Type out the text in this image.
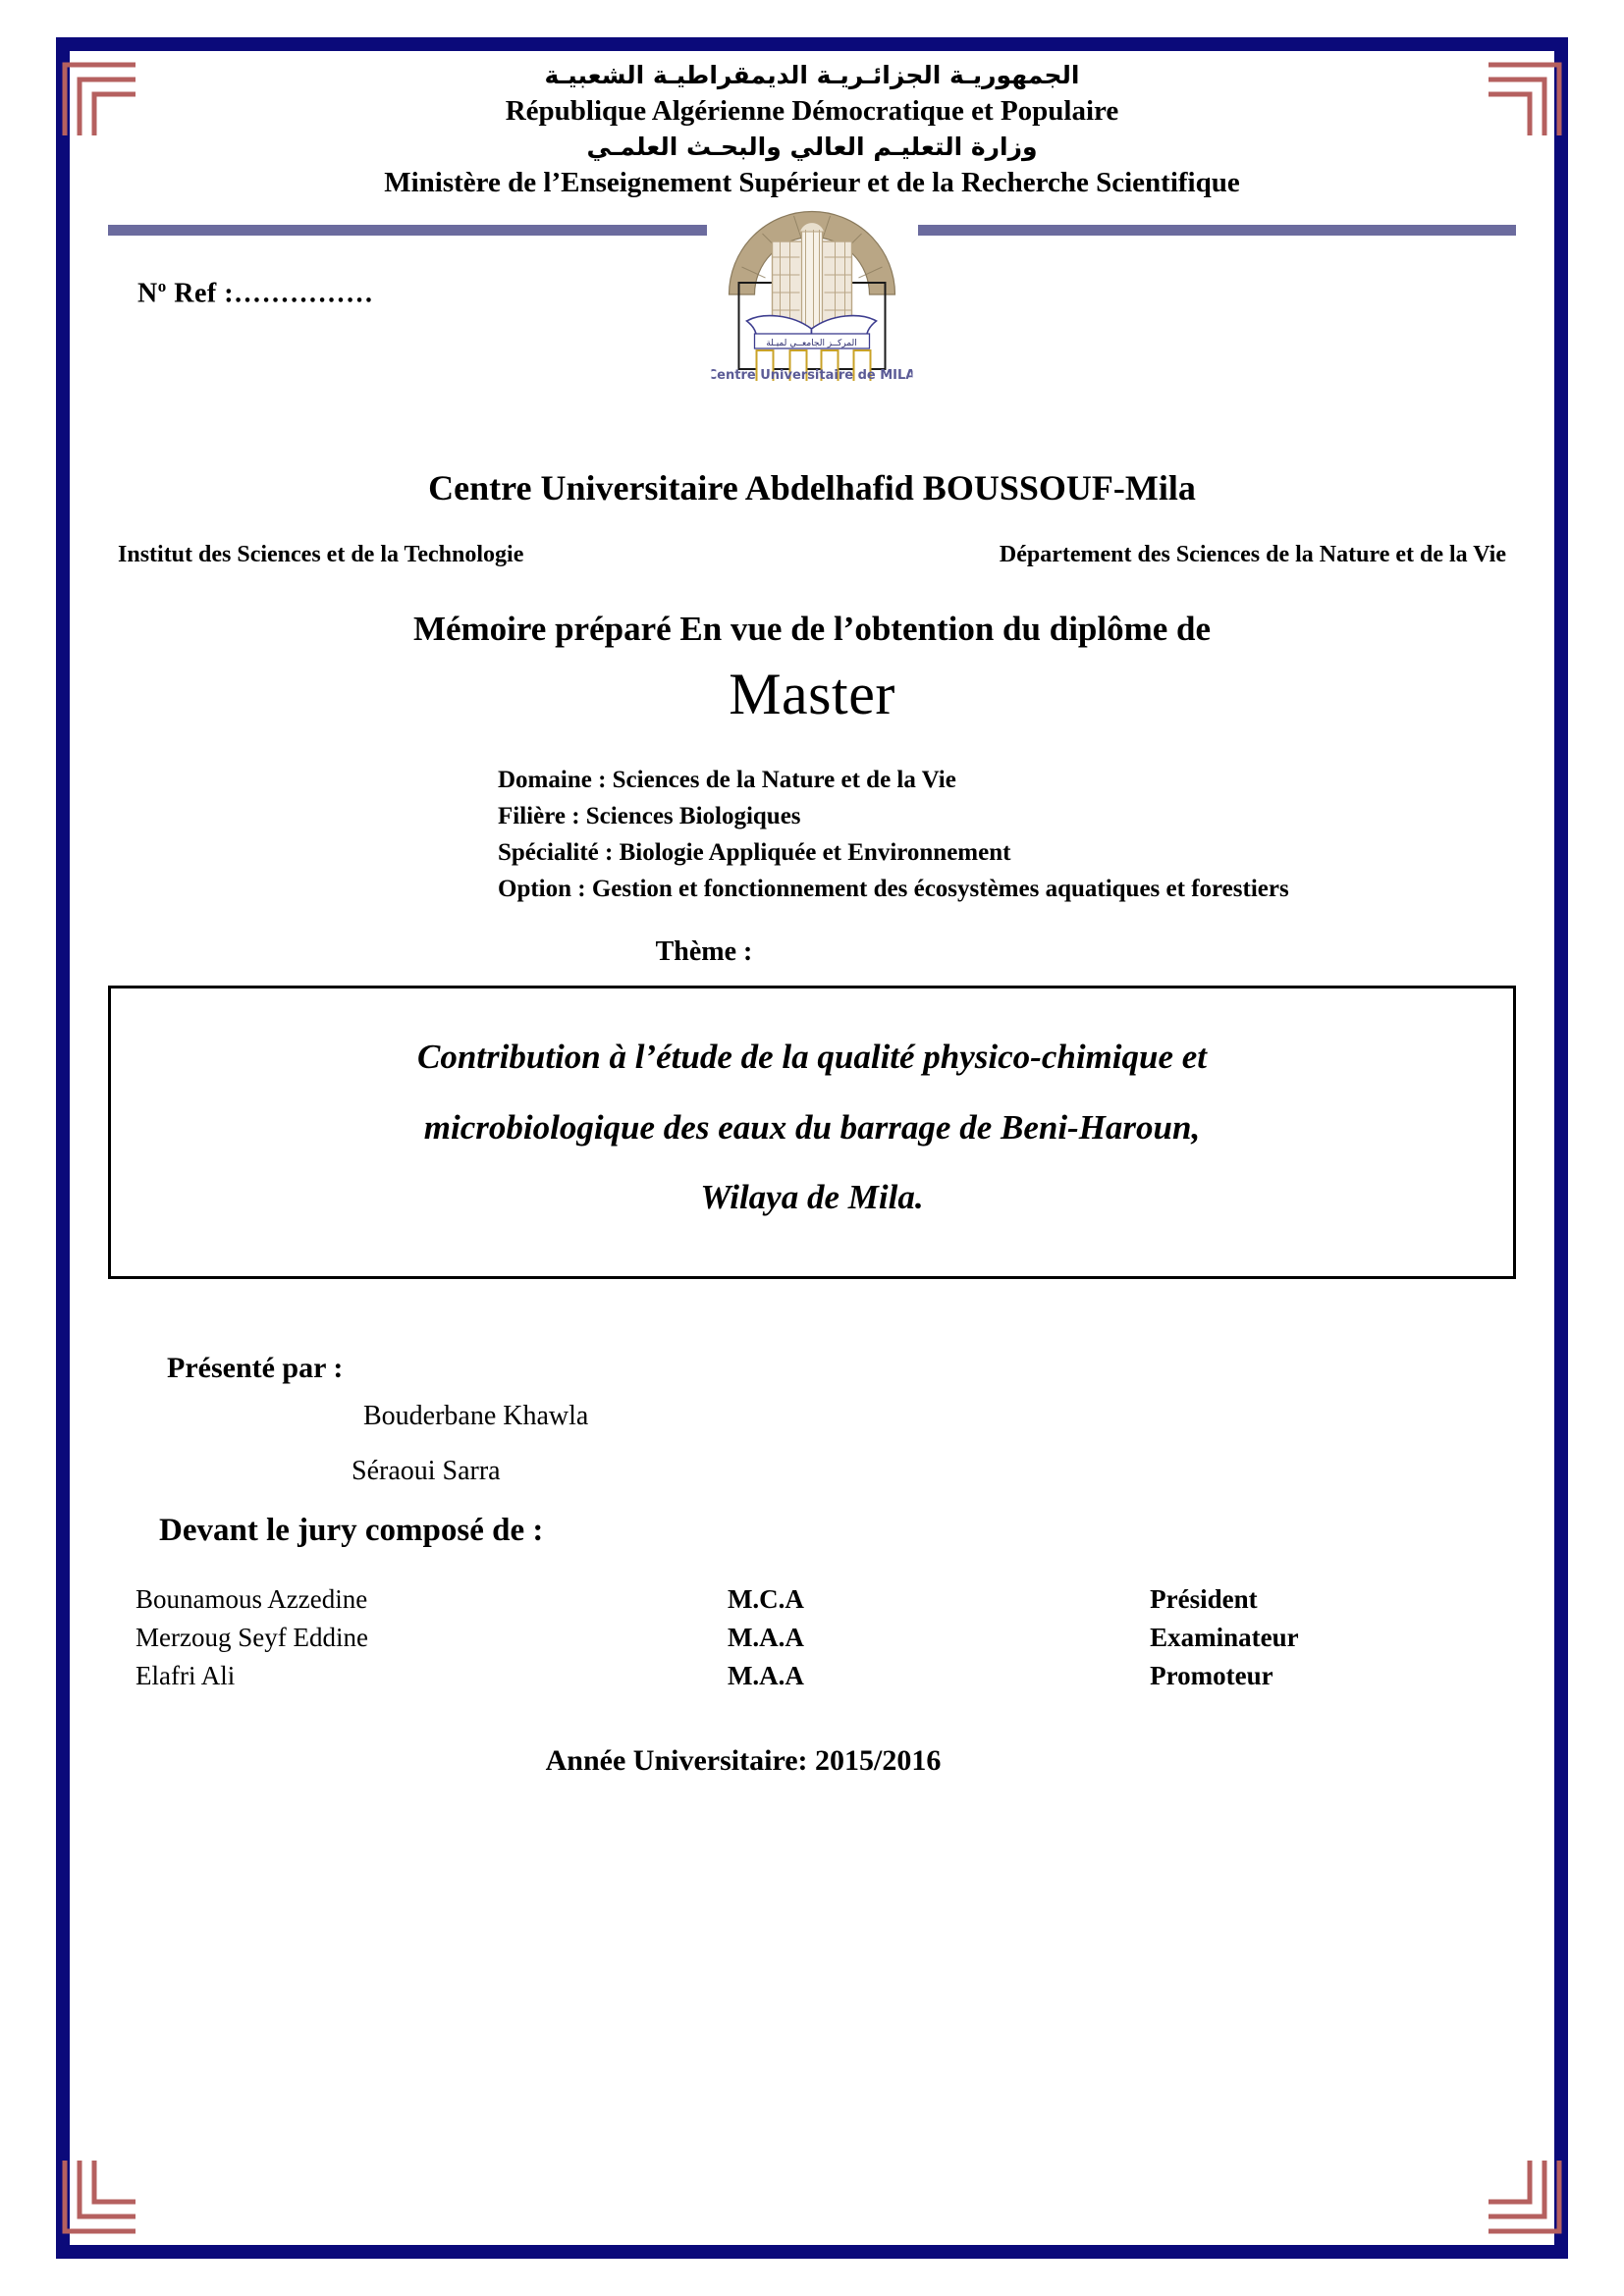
الجمهوريـة الجزائـريـة الديمقراطيـة الشعبيـة
République Algérienne Démocratique et Populaire
وزارة التعليـم العالي والبحـث العلمـي
Ministère de l’Enseignement Supérieur et de la Recherche Scientifique
$N^o$ Ref :……………
المركــز الجامعــي لميـلة
Centre Universitaire de MILA
Centre Universitaire Abdelhafid BOUSSOUF-Mila
Institut des Sciences et de la Technologie	Département des Sciences de la Nature et de la Vie
Mémoire préparé En vue de l’obtention du diplôme de
Master
Domaine : Sciences de la Nature et de la Vie
Filière : Sciences Biologiques
Spécialité : Biologie Appliquée et Environnement
Option : Gestion et fonctionnement des écosystèmes aquatiques et forestiers
Thème :
Contribution à l’étude de la qualité physico-chimique et
microbiologique des eaux du barrage de Beni-Haroun,
Wilaya de Mila.
Présenté par :
Bouderbane Khawla
Séraoui Sarra
Devant le jury composé de :
Bounamous Azzedine	M.C.A	Président
Merzoug Seyf Eddine	M.A.A	Examinateur
Elafri Ali	M.A.A	Promoteur
Année Universitaire: 2015/2016
